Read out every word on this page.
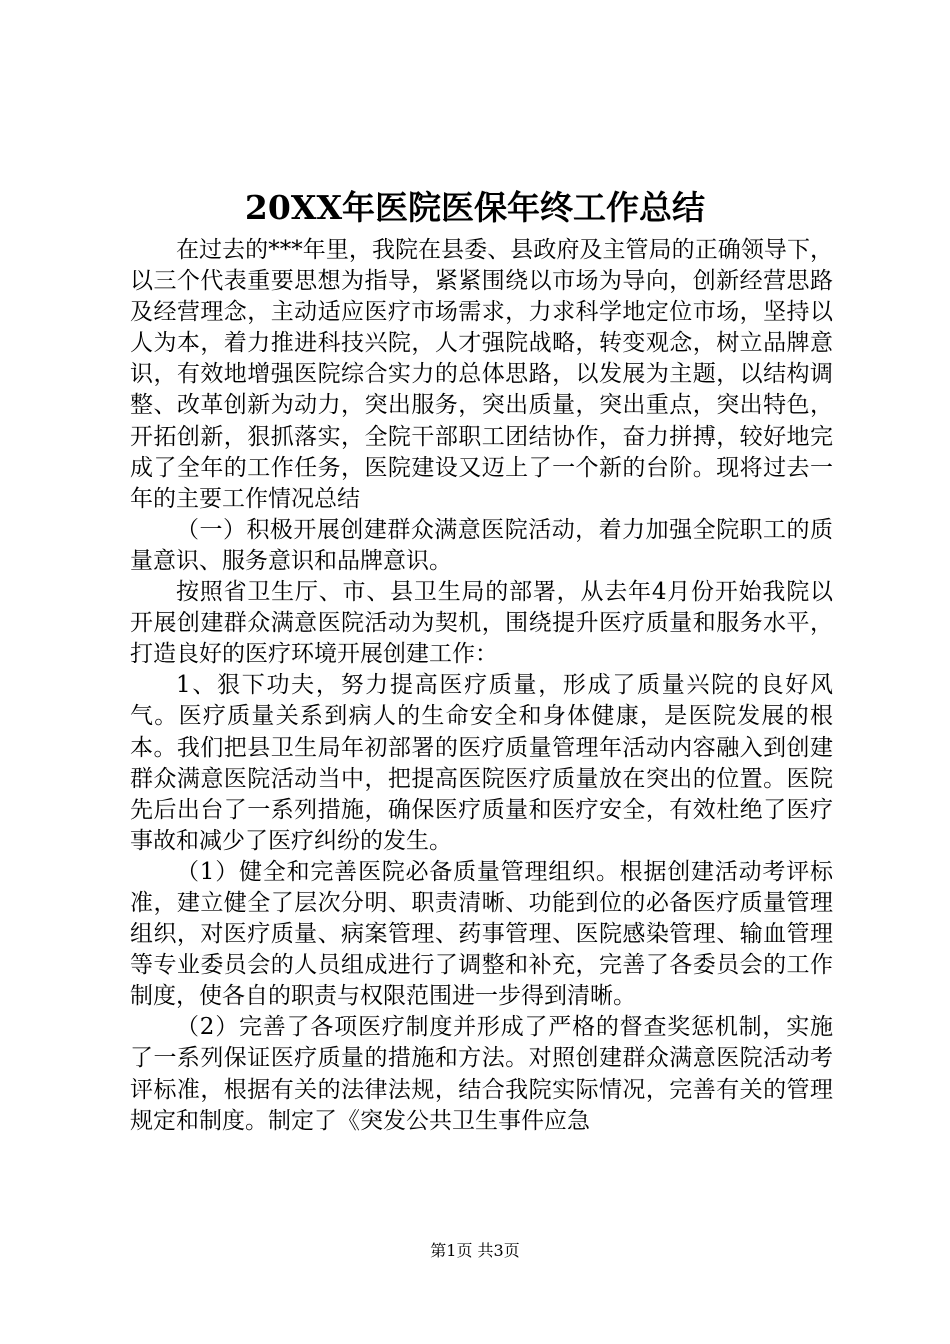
20XX年医院医保年终工作总结

在过去的***年里，我院在县委、县政府及主管局的正确领导下，以三个代表重要思想为指导，紧紧围绕以市场为导向，创新经营思路及经营理念，主动适应医疗市场需求，力求科学地定位市场，坚持以人为本，着力推进科技兴院，人才强院战略，转变观念，树立品牌意识，有效地增强医院综合实力的总体思路，以发展为主题，以结构调整、改革创新为动力，突出服务，突出质量，突出重点，突出特色，开拓创新，狠抓落实，全院干部职工团结协作，奋力拼搏，较好地完成了全年的工作任务，医院建设又迈上了一个新的台阶。现将过去一年的主要工作情况总结

（一）积极开展创建群众满意医院活动，着力加强全院职工的质量意识、服务意识和品牌意识。

按照省卫生厅、市、县卫生局的部署，从去年4月份开始我院以开展创建群众满意医院活动为契机，围绕提升医疗质量和服务水平，打造良好的医疗环境开展创建工作：

1、狠下功夫，努力提高医疗质量，形成了质量兴院的良好风气。医疗质量关系到病人的生命安全和身体健康，是医院发展的根本。我们把县卫生局年初部署的医疗质量管理年活动内容融入到创建群众满意医院活动当中，把提高医院医疗质量放在突出的位置。医院先后出台了一系列措施，确保医疗质量和医疗安全，有效杜绝了医疗事故和减少了医疗纠纷的发生。

（1）健全和完善医院必备质量管理组织。根据创建活动考评标准，建立健全了层次分明、职责清晰、功能到位的必备医疗质量管理组织，对医疗质量、病案管理、药事管理、医院感染管理、输血管理等专业委员会的人员组成进行了调整和补充，完善了各委员会的工作制度，使各自的职责与权限范围进一步得到清晰。

（2）完善了各项医疗制度并形成了严格的督查奖惩机制，实施了一系列保证医疗质量的措施和方法。对照创建群众满意医院活动考评标准，根据有关的法律法规，结合我院实际情况，完善有关的管理规定和制度。制定了《突发公共卫生事件应急

第1页 共3页
